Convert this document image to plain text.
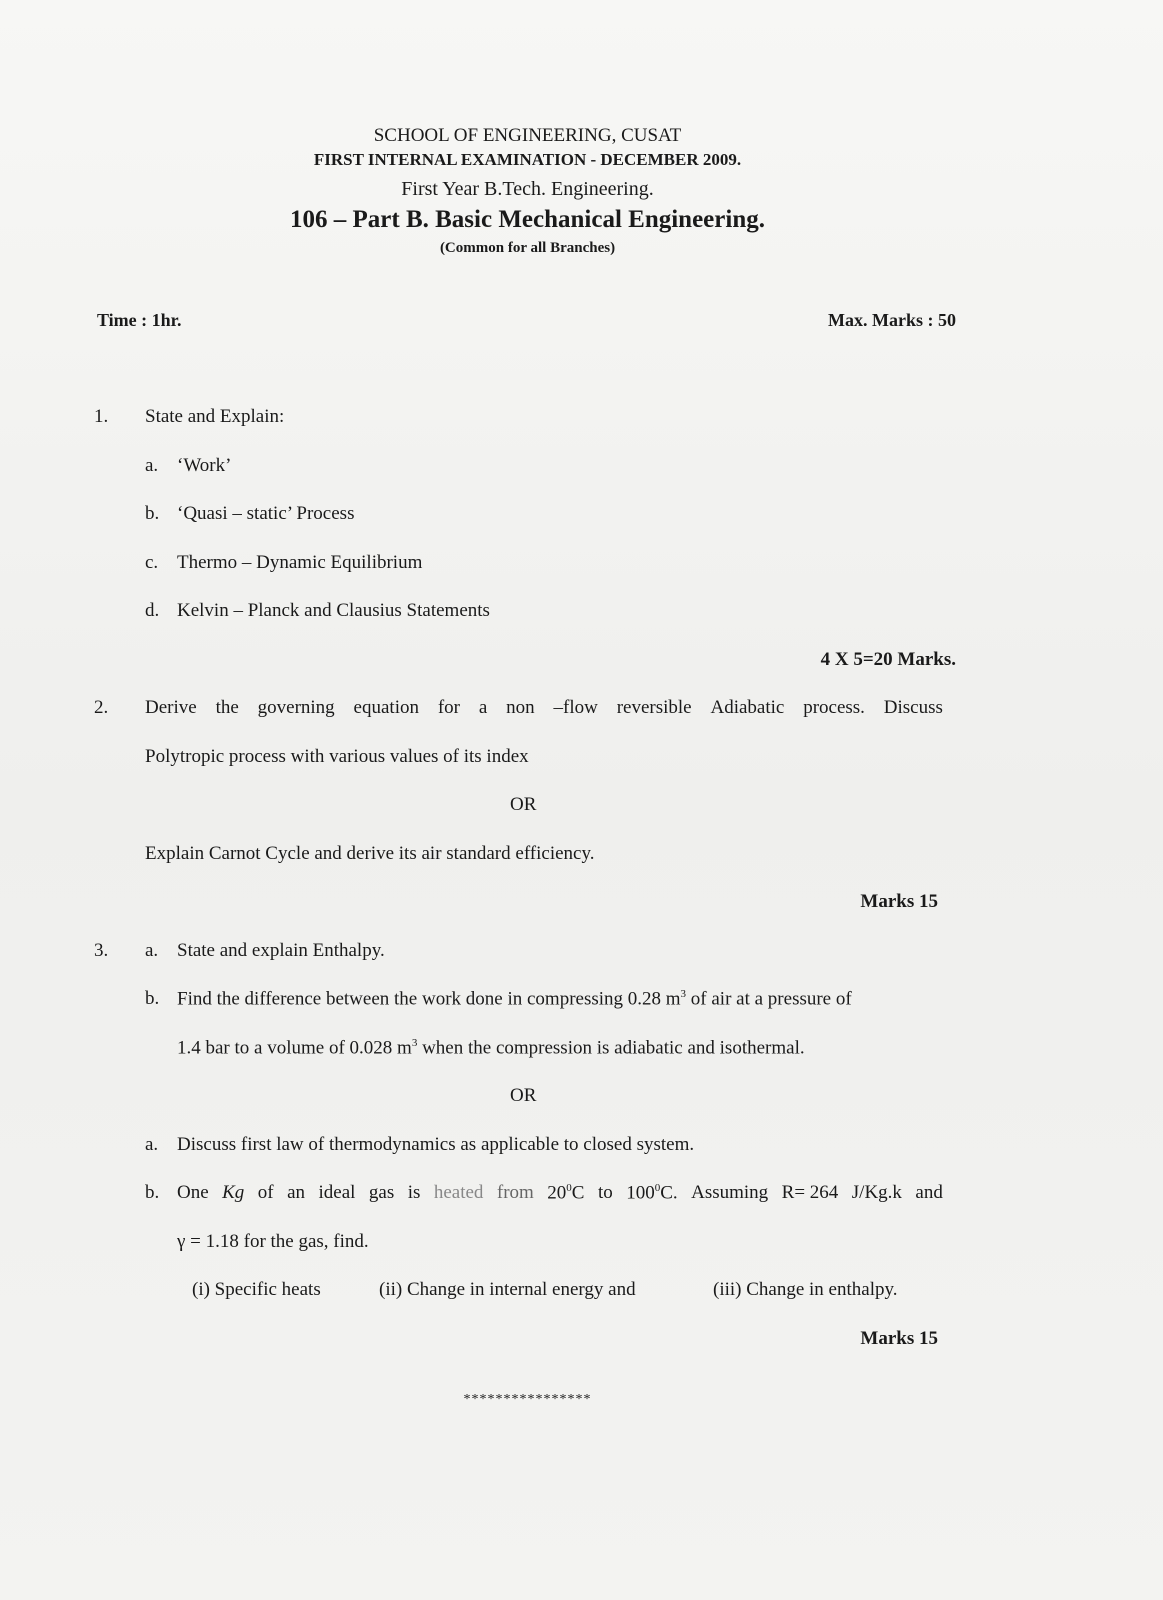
SCHOOL OF ENGINEERING, CUSAT
FIRST INTERNAL EXAMINATION - DECEMBER 2009.
First Year B.Tech. Engineering.
106 – Part B. Basic Mechanical Engineering.
(Common for all Branches)
Time : 1hr.	Max. Marks : 50
1. State and Explain:
a. ‘Work’
b. ‘Quasi – static’ Process
c. Thermo – Dynamic Equilibrium
d. Kelvin – Planck and Clausius Statements
4 X 5=20 Marks.
2. Derive the governing equation for a non –flow reversible Adiabatic process. Discuss
Polytropic process with various values of its index
OR
Explain Carnot Cycle and derive its air standard efficiency.
Marks 15
3. a. State and explain Enthalpy.
b. Find the difference between the work done in compressing 0.28 $m^3$ of air at a pressure of
1.4 bar to a volume of 0.028 $m^3$ when the compression is adiabatic and isothermal.
OR
a. Discuss first law of thermodynamics as applicable to closed system.
b. One Kg of an ideal gas is heated from $20^0C$ to $100^0C$. Assuming R= 264 J/Kg.k and
γ = 1.18 for the gas, find.
(i) Specific heats	(ii) Change in internal energy and	(iii) Change in enthalpy.
Marks 15
****************
